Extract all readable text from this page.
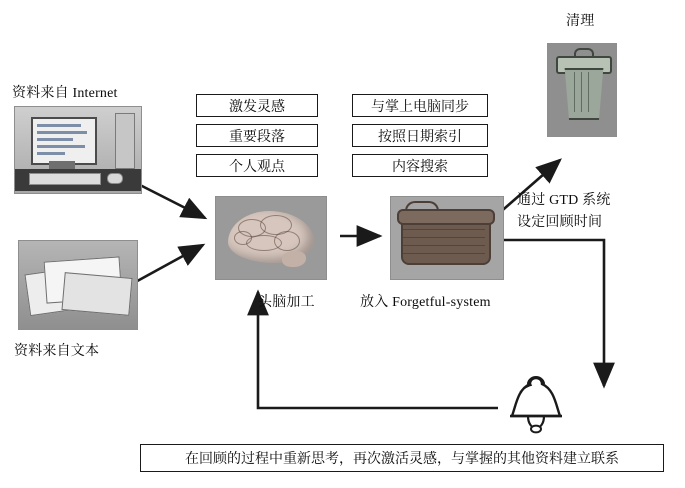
清理
资料来自 Internet
资料来自文本
激发灵感
重要段落
个人观点
与掌上电脑同步
按照日期索引
内容搜索
头脑加工	放入 Forgetful-system
通过 GTD 系统
设定回顾时间
在回顾的过程中重新思考，再次激活灵感，与掌握的其他资料建立联系
